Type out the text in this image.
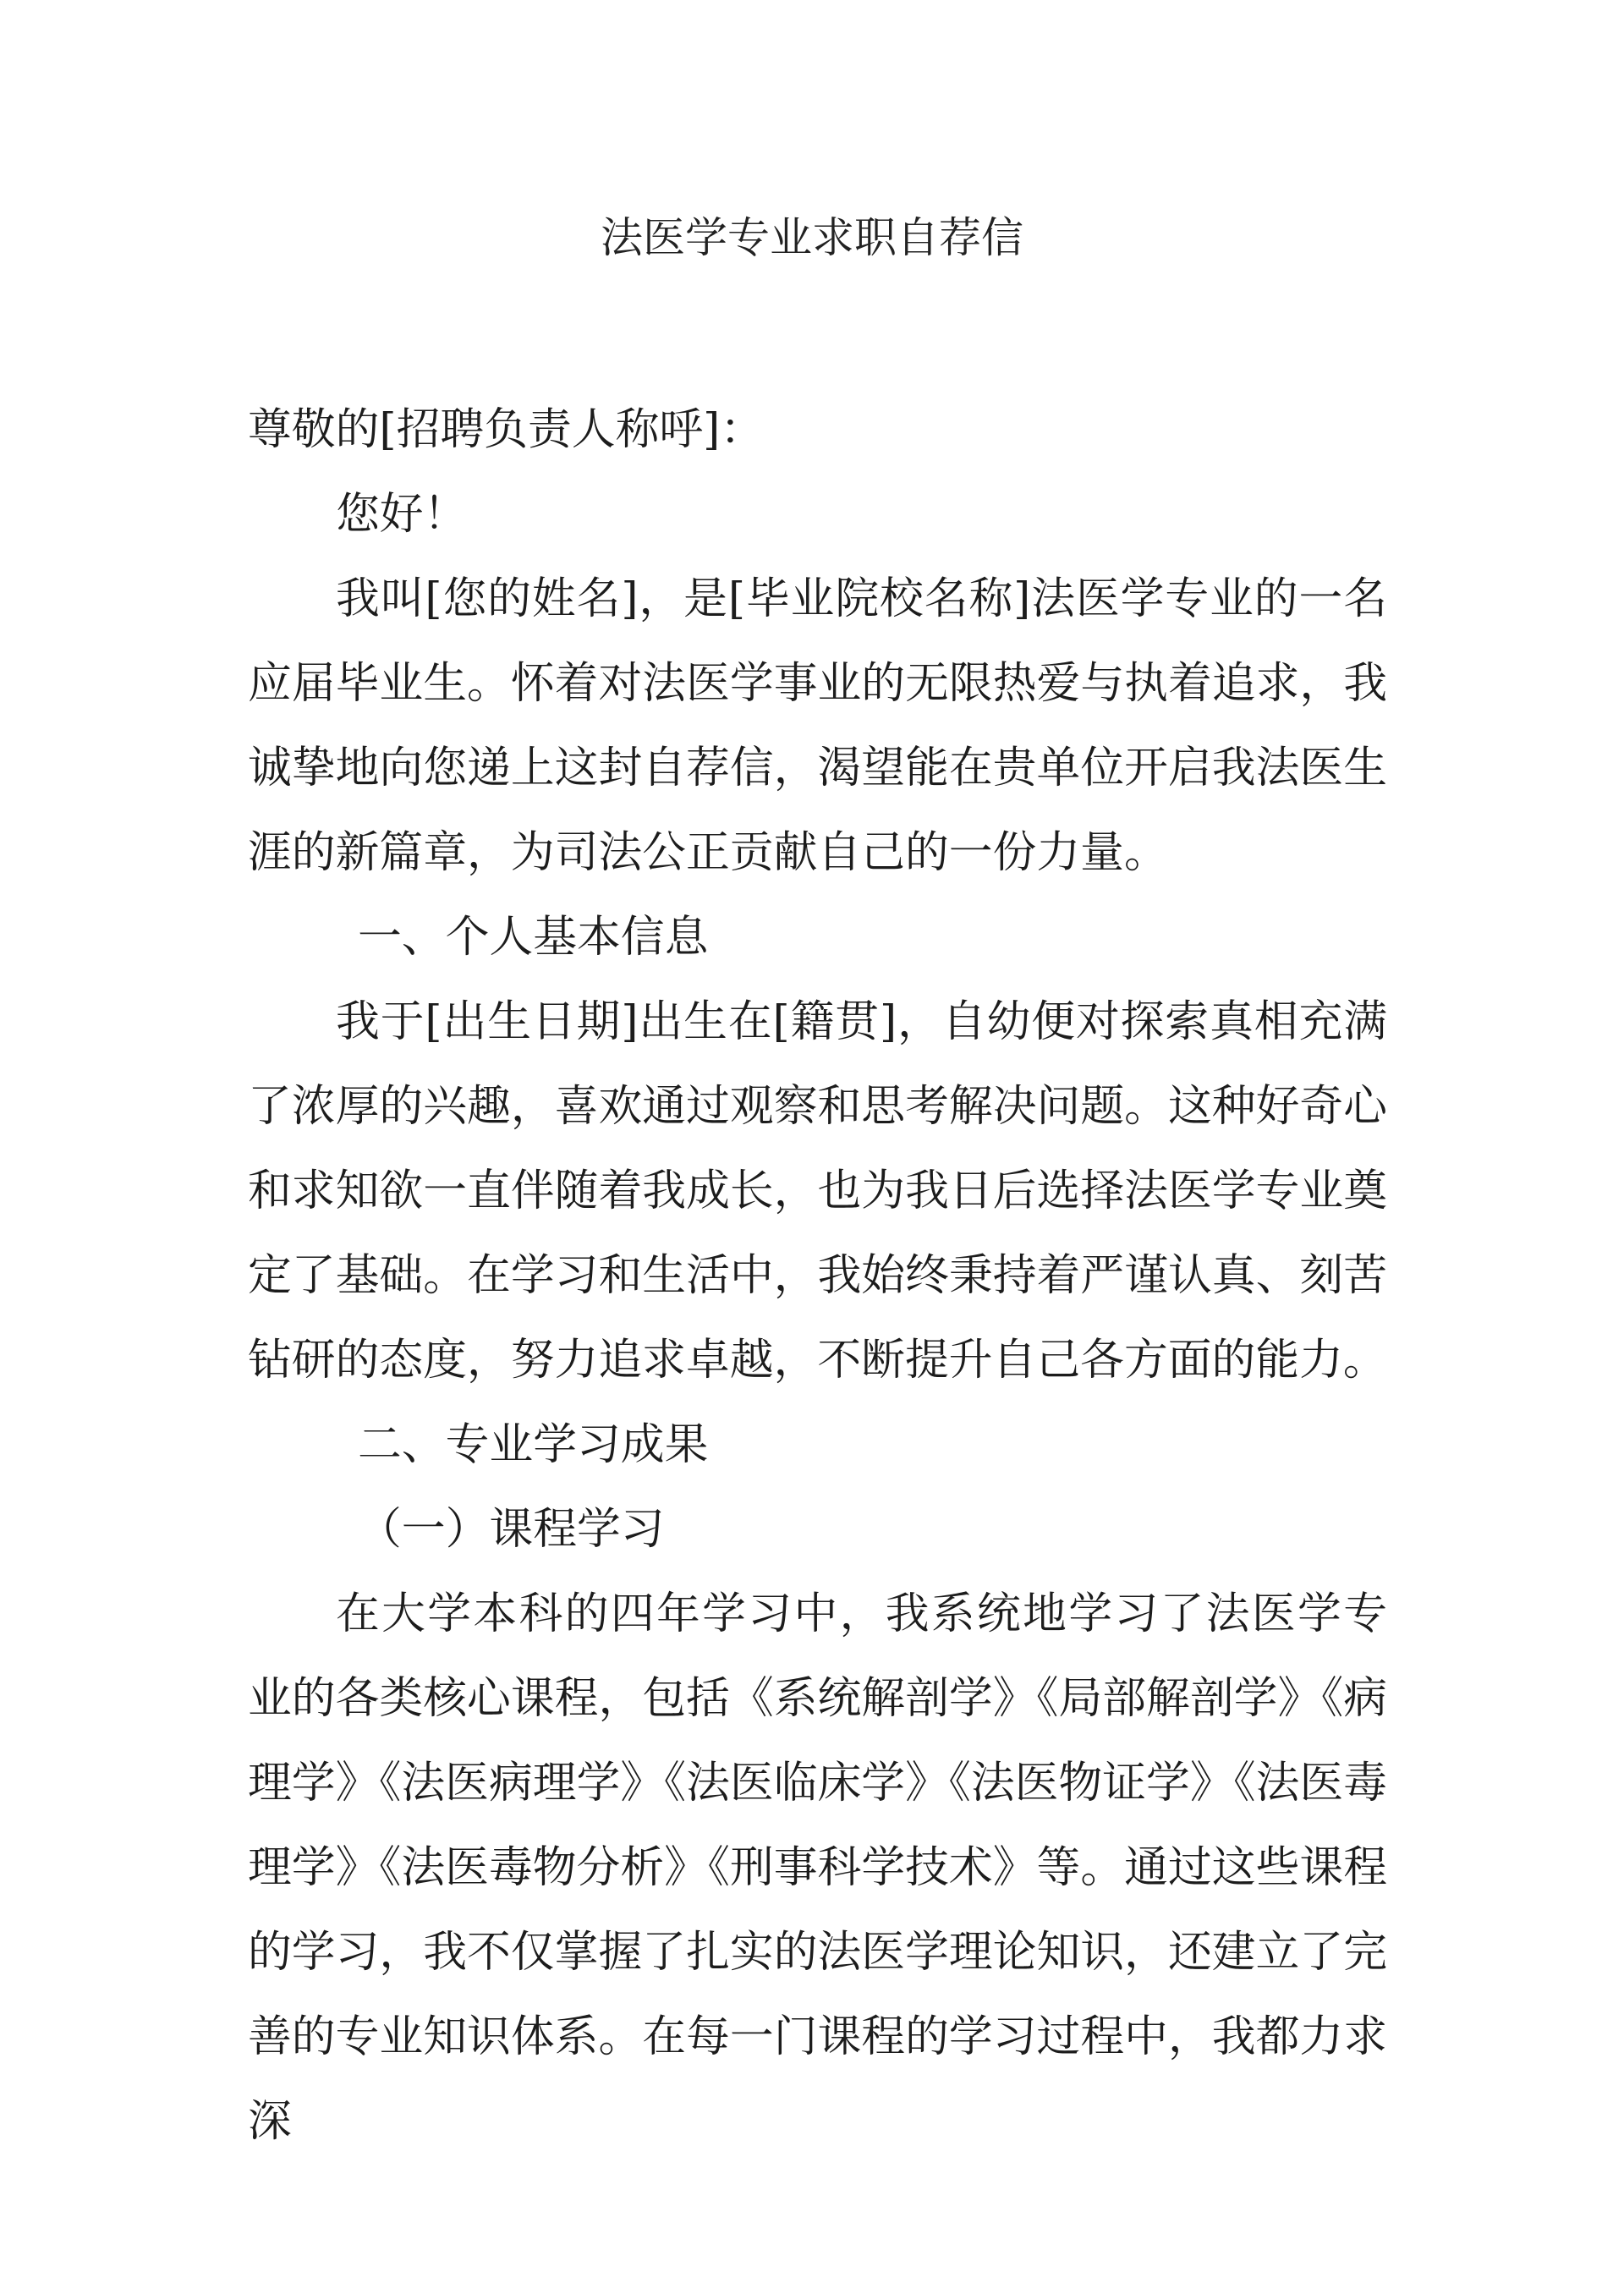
法医学专业求职自荐信

尊敬的[招聘负责人称呼]：

您好！

我叫[您的姓名]，是[毕业院校名称]法医学专业的一名应届毕业生。怀着对法医学事业的无限热爱与执着追求，我诚挚地向您递上这封自荐信，渴望能在贵单位开启我法医生涯的新篇章，为司法公正贡献自己的一份力量。

一、个人基本信息

我于[出生日期]出生在[籍贯]，自幼便对探索真相充满了浓厚的兴趣，喜欢通过观察和思考解决问题。这种好奇心和求知欲一直伴随着我成长，也为我日后选择法医学专业奠定了基础。在学习和生活中，我始终秉持着严谨认真、刻苦钻研的态度，努力追求卓越，不断提升自己各方面的能力。

二、专业学习成果

（一）课程学习

在大学本科的四年学习中，我系统地学习了法医学专业的各类核心课程，包括《系统解剖学》《局部解剖学》《病理学》《法医病理学》《法医临床学》《法医物证学》《法医毒理学》《法医毒物分析》《刑事科学技术》等。通过这些课程的学习，我不仅掌握了扎实的法医学理论知识，还建立了完善的专业知识体系。在每一门课程的学习过程中，我都力求深
